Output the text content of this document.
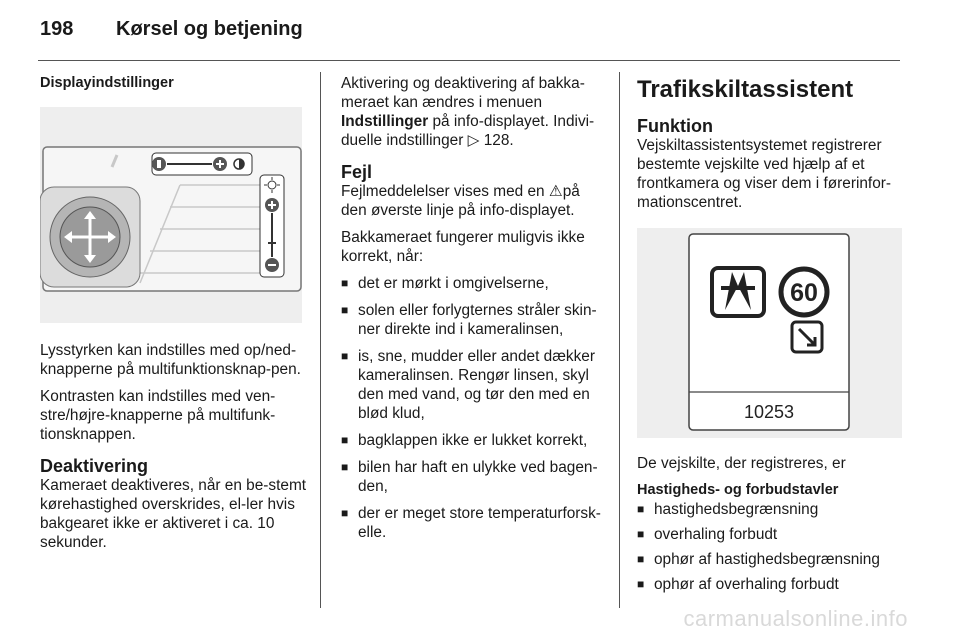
198 Kørsel og betjening
Displayindstillinger

Lysstyrken kan indstilles med op/ned-knapperne på multifunktionsknap-pen.

Kontrasten kan indstilles med ven-stre/højre-knapperne på multifunk-tionsknappen.

Deaktivering

Kameraet deaktiveres, når en be-stemt kørehastighed overskrides, el-ler hvis bakgearet ikke er aktiveret i ca. 10 sekunder.

Aktivering og deaktivering af bakka-meraet kan ændres i menuen Indstillinger på info-displayet. Indivi-duelle indstillinger ▷ 128.

Fejl

Fejlmeddelelser vises med en ⚠på den øverste linje på info-displayet.

Bakkameraet fungerer muligvis ikke korrekt, når:

■ det er mørkt i omgivelserne,
■ solen eller forlygternes stråler skin-ner direkte ind i kameralinsen,
■ is, sne, mudder eller andet dækker kameralinsen. Rengør linsen, skyl den med vand, og tør den med en blød klud,
■ bagklappen ikke er lukket korrekt,
■ bilen har haft en ulykke ved bagen-den,
■ der er meget store temperaturforsk-elle.
Trafikskiltassistent
Funktion

Vejskiltassistentsystemet registrerer bestemte vejskilte ved hjælp af et frontkamera og viser dem i førerinfor-mationscentret.

60
10253

De vejskilte, der registreres, er

Hastigheds- og forbudstavler
■ hastighedsbegrænsning
■ overhaling forbudt
■ ophør af hastighedsbegrænsning
■ ophør af overhaling forbudt
carmanualsonline.info
